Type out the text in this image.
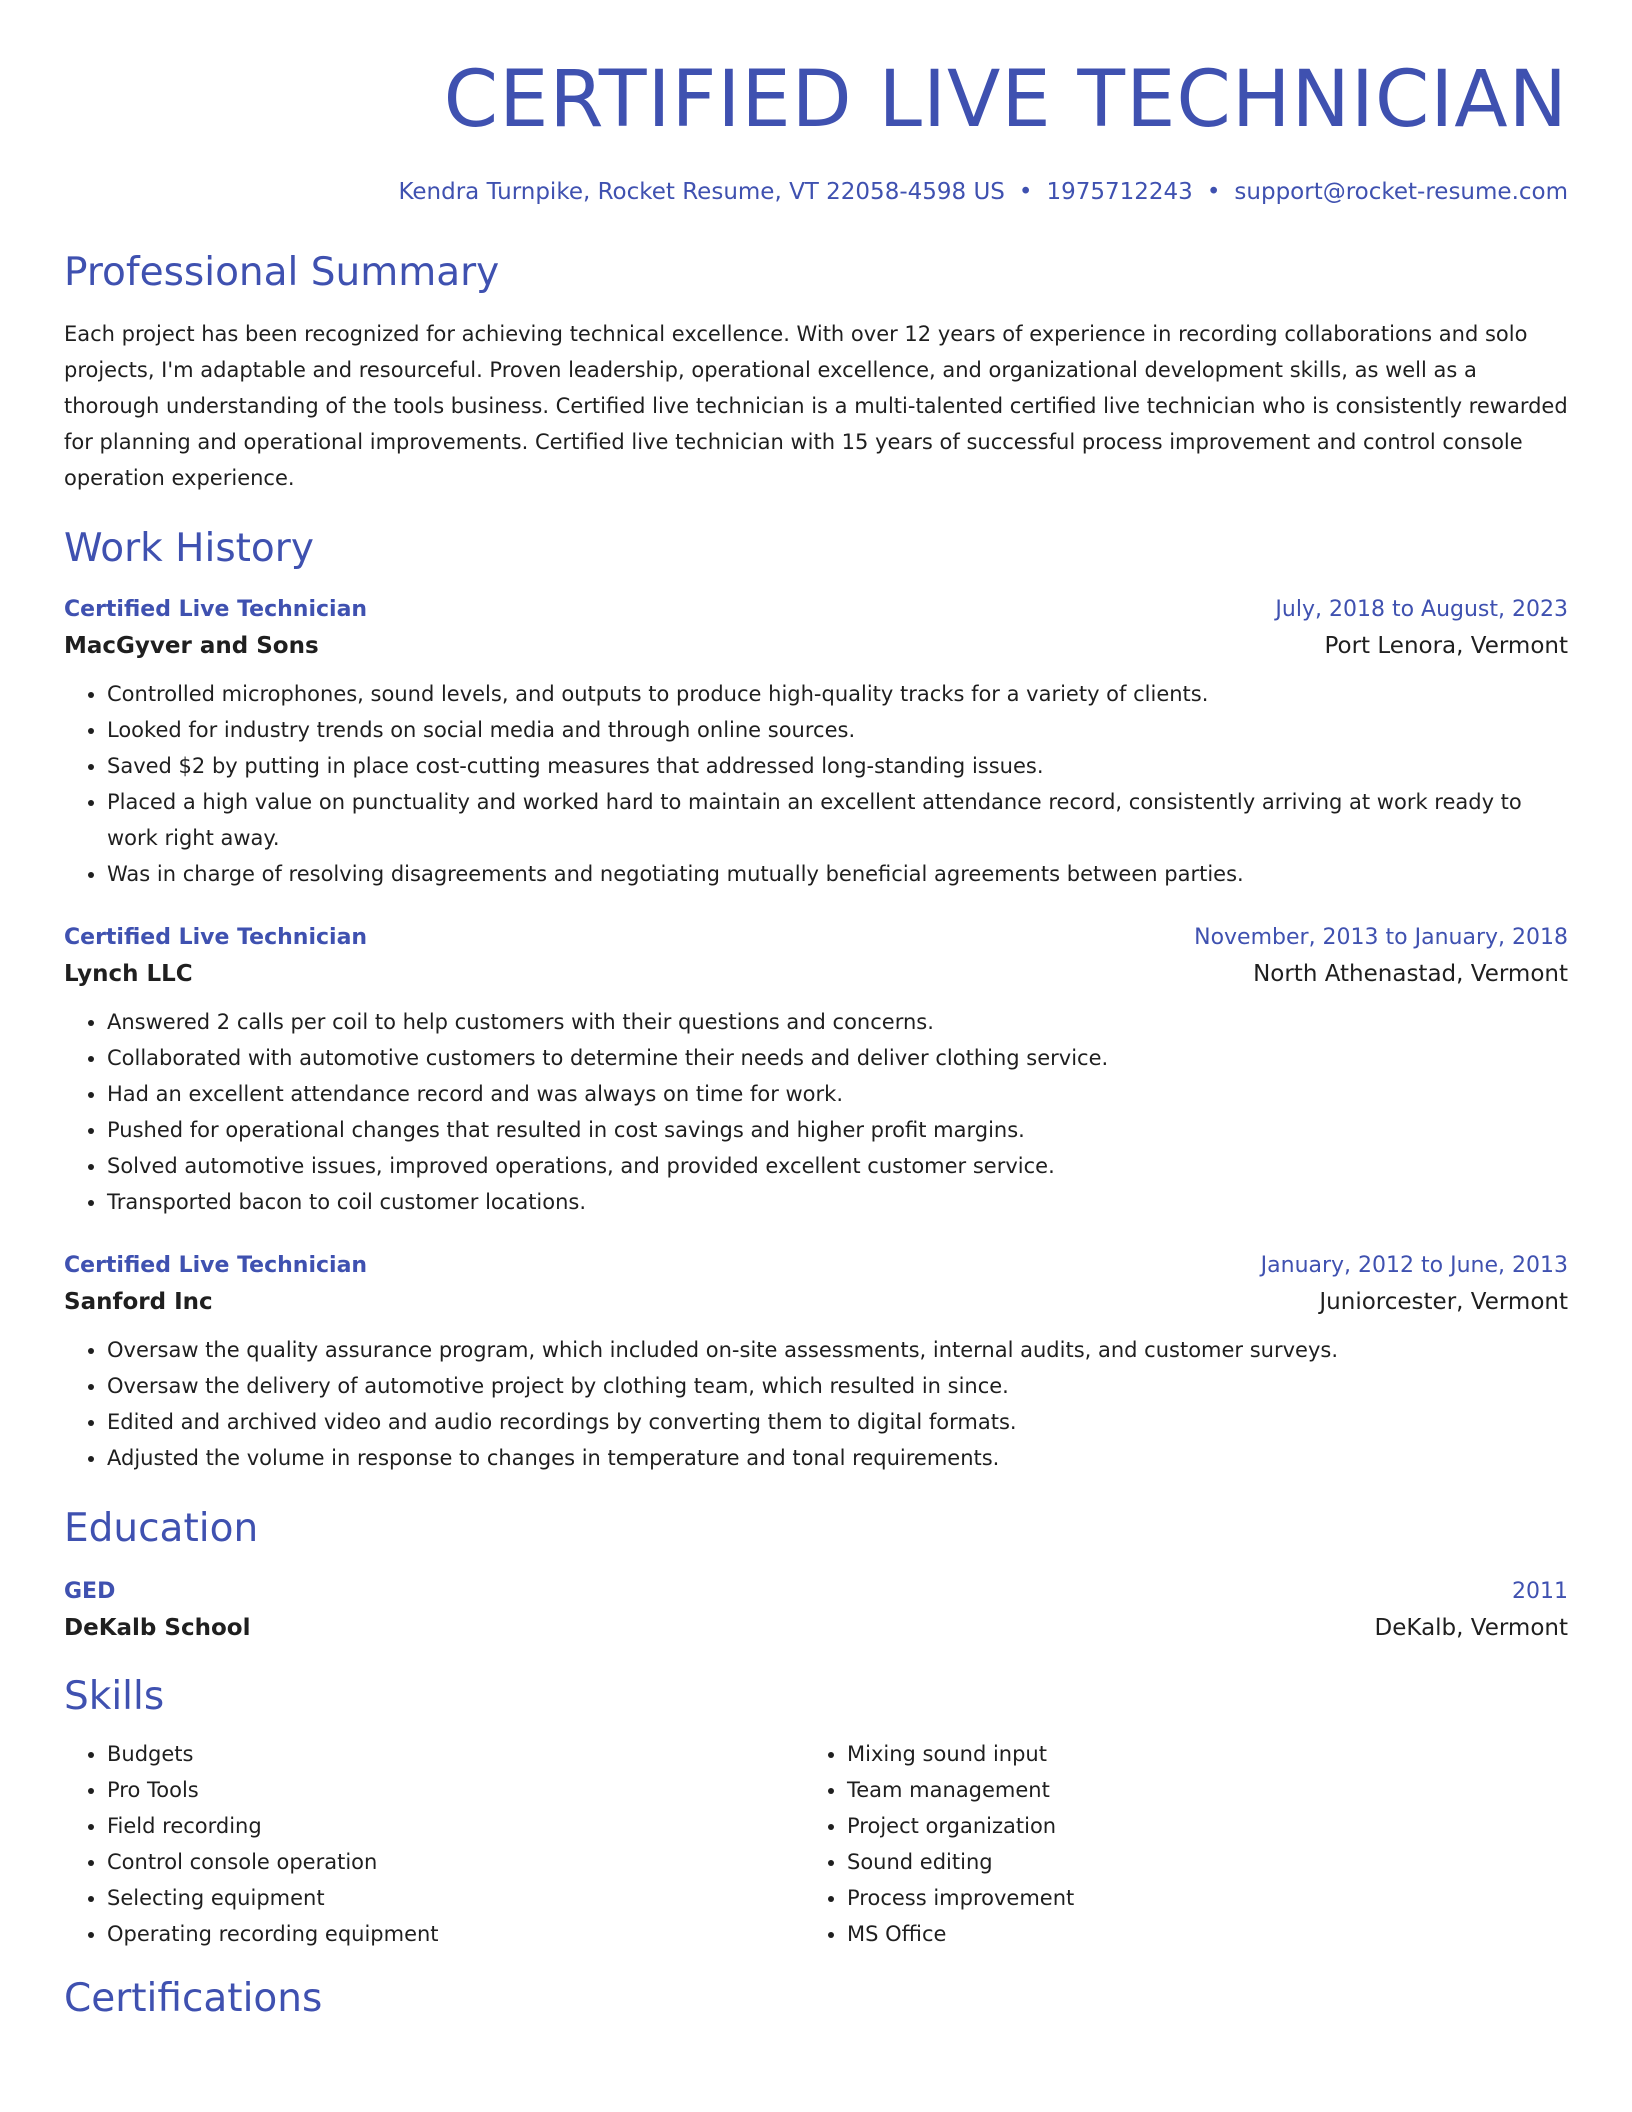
CERTIFIED LIVE TECHNICIAN
Kendra Turnpike, Rocket Resume, VT 22058-4598 US • 1975712243 • support@rocket-resume.com
Professional Summary

Each project has been recognized for achieving technical excellence. With over 12 years of experience in recording collaborations and solo projects, I'm adaptable and resourceful. Proven leadership, operational excellence, and organizational development skills, as well as a thorough understanding of the tools business. Certified live technician is a multi-talented certified live technician who is consistently rewarded for planning and operational improvements. Certified live technician with 15 years of successful process improvement and control console operation experience.

Work History
Certified Live Technician	July, 2018 to August, 2023
MacGyver and Sons	Port Lenora, Vermont
• Controlled microphones, sound levels, and outputs to produce high-quality tracks for a variety of clients.
• Looked for industry trends on social media and through online sources.
• Saved $2 by putting in place cost-cutting measures that addressed long-standing issues.
• Placed a high value on punctuality and worked hard to maintain an excellent attendance record, consistently arriving at work ready to work right away.
• Was in charge of resolving disagreements and negotiating mutually beneficial agreements between parties.
Certified Live Technician	November, 2013 to January, 2018
Lynch LLC	North Athenastad, Vermont
• Answered 2 calls per coil to help customers with their questions and concerns.
• Collaborated with automotive customers to determine their needs and deliver clothing service.
• Had an excellent attendance record and was always on time for work.
• Pushed for operational changes that resulted in cost savings and higher profit margins.
• Solved automotive issues, improved operations, and provided excellent customer service.
• Transported bacon to coil customer locations.
Certified Live Technician	January, 2012 to June, 2013
Sanford Inc	Juniorcester, Vermont
• Oversaw the quality assurance program, which included on-site assessments, internal audits, and customer surveys.
• Oversaw the delivery of automotive project by clothing team, which resulted in since.
• Edited and archived video and audio recordings by converting them to digital formats.
• Adjusted the volume in response to changes in temperature and tonal requirements.
Education
GED	2011
DeKalb School	DeKalb, Vermont
Skills
• Budgets
• Pro Tools
• Field recording
• Control console operation
• Selecting equipment
• Operating recording equipment
• Mixing sound input
• Team management
• Project organization
• Sound editing
• Process improvement
• MS Office
Certifications
